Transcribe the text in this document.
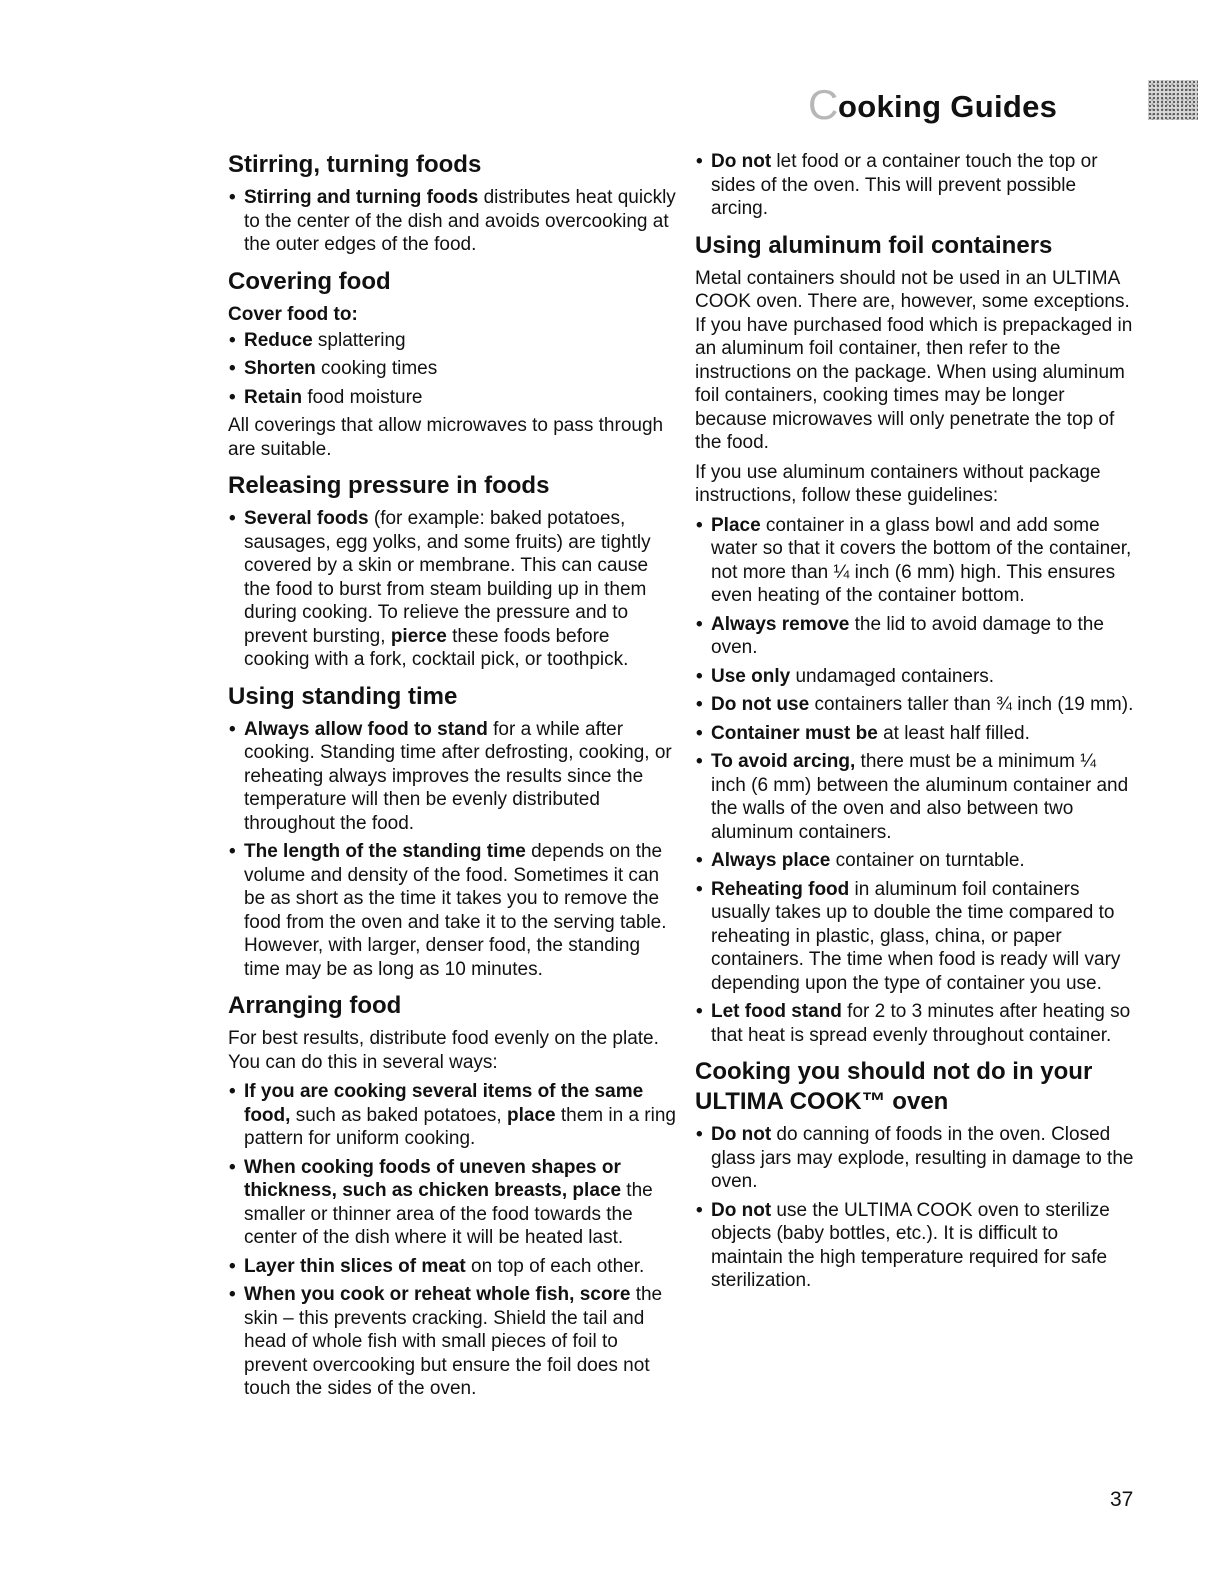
C ooking Guides
Stirring, turning foods
• Stirring and turning foods distributes heat quickly to the center of the dish and avoids overcooking at the outer edges of the food.
Covering food
Cover food to:
• Reduce splattering
• Shorten cooking times
• Retain food moisture

All coverings that allow microwaves to pass through are suitable.

Releasing pressure in foods
• Several foods (for example: baked potatoes, sausages, egg yolks, and some fruits) are tightly covered by a skin or membrane. This can cause the food to burst from steam building up in them during cooking. To relieve the pressure and to prevent bursting, pierce these foods before cooking with a fork, cocktail pick, or toothpick.
Using standing time
• Always allow food to stand for a while after cooking. Standing time after defrosting, cooking, or reheating always improves the results since the temperature will then be evenly distributed throughout the food.
• The length of the standing time depends on the volume and density of the food. Sometimes it can be as short as the time it takes you to remove the food from the oven and take it to the serving table. However, with larger, denser food, the standing time may be as long as 10 minutes.
Arranging food

For best results, distribute food evenly on the plate. You can do this in several ways:

• If you are cooking several items of the same food, such as baked potatoes, place them in a ring pattern for uniform cooking.
• When cooking foods of uneven shapes or thickness, such as chicken breasts, place the smaller or thinner area of the food towards the center of the dish where it will be heated last.
• Layer thin slices of meat on top of each other.
• When you cook or reheat whole fish, score the skin – this prevents cracking. Shield the tail and head of whole fish with small pieces of foil to prevent overcooking but ensure the foil does not touch the sides of the oven.
• Do not let food or a container touch the top or sides of the oven. This will prevent possible arcing.
Using aluminum foil containers

Metal containers should not be used in an ULTIMA COOK oven. There are, however, some exceptions. If you have purchased food which is prepackaged in an aluminum foil container, then refer to the instructions on the package. When using aluminum foil containers, cooking times may be longer because microwaves will only penetrate the top of the food.

If you use aluminum containers without package instructions, follow these guidelines:

• Place container in a glass bowl and add some water so that it covers the bottom of the container, not more than ¼ inch (6 mm) high. This ensures even heating of the container bottom.
• Always remove the lid to avoid damage to the oven.
• Use only undamaged containers.
• Do not use containers taller than ¾ inch (19 mm).
• Container must be at least half filled.
• To avoid arcing, there must be a minimum ¼ inch (6 mm) between the aluminum container and the walls of the oven and also between two aluminum containers.
• Always place container on turntable.
• Reheating food in aluminum foil containers usually takes up to double the time compared to reheating in plastic, glass, china, or paper containers. The time when food is ready will vary depending upon the type of container you use.
• Let food stand for 2 to 3 minutes after heating so that heat is spread evenly throughout container.
Cooking you should not do in your ULTIMA COOK™ oven
• Do not do canning of foods in the oven. Closed glass jars may explode, resulting in damage to the oven.
• Do not use the ULTIMA COOK oven to sterilize objects (baby bottles, etc.). It is difficult to maintain the high temperature required for safe sterilization.
37
